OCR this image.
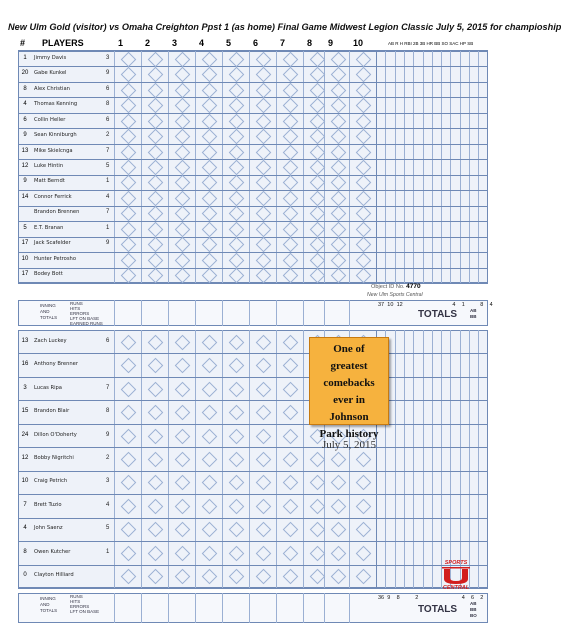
New Ulm Gold (visitor) vs Omaha Creighton Ppst 1 (as home) Final Game Midwest Legion Classic July 5, 2015 for champioship
# PLAYERS	1 2 3 4 5 6 7 8 9 10	AB R H RBI 2B 3B HR BB SO SAC HP SB
1	Jimmy Davis	3
20	Gabe Kunkel	9
8	Alex Christian	6
4	Thomas Kenning	8
6	Collin Heller	6
9	Sean Kinniburgh	2
13	Mike Skielcnga	7
12	Luke Hintin	5
9	Matt Berndt	1
14	Connor Ferrick	4
Brandon Brennen	7
5	E.T. Branan	1
17	Jack Scafelder	9
10	Hunter Petrosho
17	Bodey Bott
Object ID No. 4770
New Ulm Sports Central
INNING
AND
TOTALS
RUNS
HITS
ERRORS
LFT ON BASE
EARNED RUNS
37 10 12	4 1	8 4
TOTALS	AB
BB
13	Zach Luckey	6
16	Anthony Brenner
3	Lucas Ripa	7
15	Brandon Blair	8
24	Dillon O'Doherty	9
12	Bobby Nigritchi	2
10	Craig Petrich	3
7	Brett Tuzio	4
4	John Saenz	5
8	Owen Kutcher	1
0	Clayton Hilliard
INNING
AND
TOTALS
RUNS
HITS
ERRORS
LFT ON BASE
36 9 8	2	4 6 2
TOTALS
AB
BB
BO
One of
greatest
comebacks
ever in
Johnson
Park history
July 5, 2015
SPORTS
CENTRAL
